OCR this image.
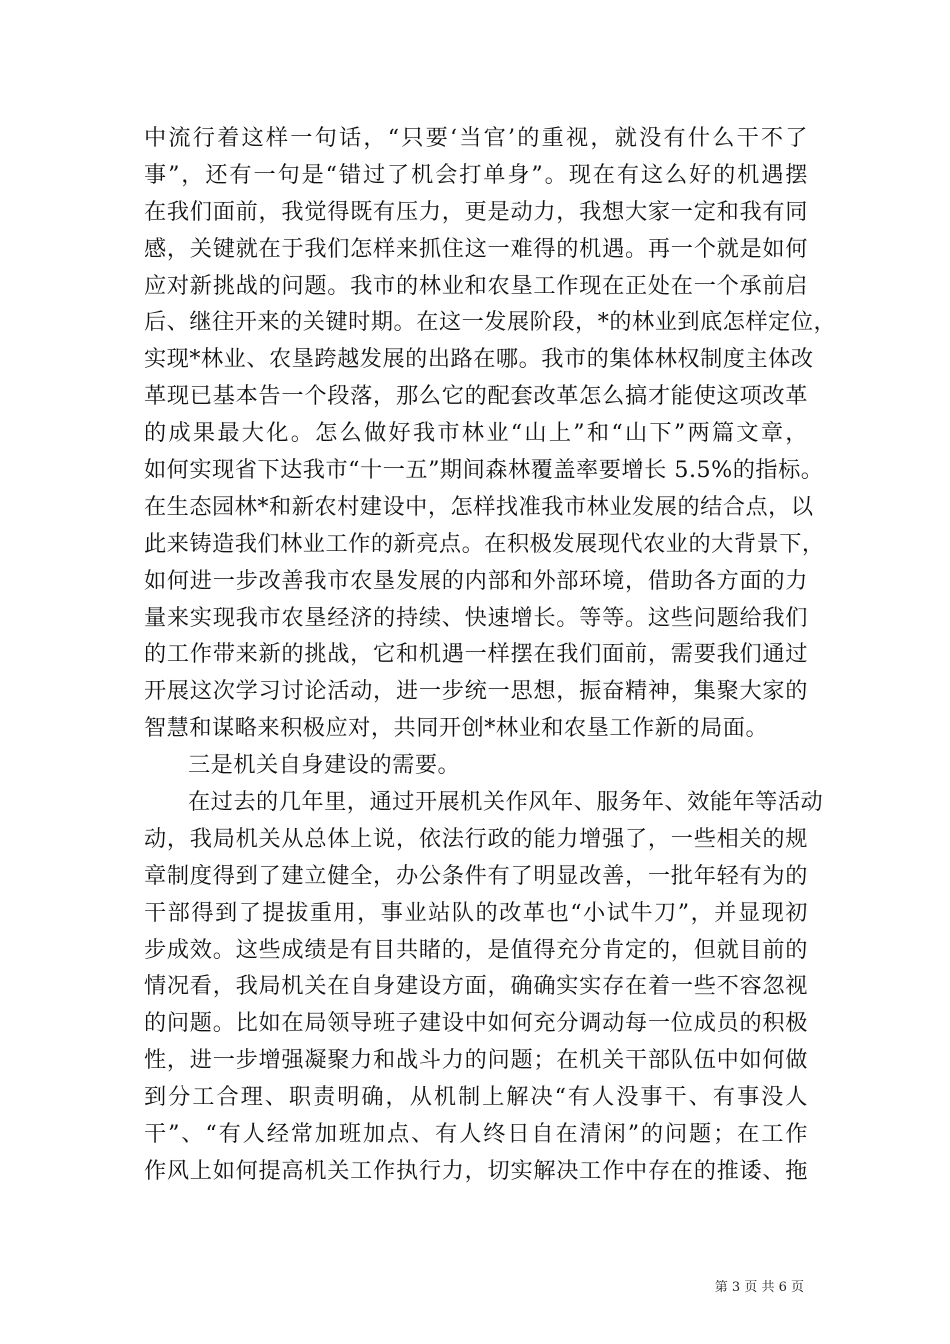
中流行着这样一句话，“只要‘当官’的重视，就没有什么干不了
事”，还有一句是“错过了机会打单身”。现在有这么好的机遇摆
在我们面前，我觉得既有压力，更是动力，我想大家一定和我有同
感，关键就在于我们怎样来抓住这一难得的机遇。再一个就是如何
应对新挑战的问题。我市的林业和农垦工作现在正处在一个承前启
后、继往开来的关键时期。在这一发展阶段，*的林业到底怎样定位，
实现*林业、农垦跨越发展的出路在哪。我市的集体林权制度主体改
革现已基本告一个段落，那么它的配套改革怎么搞才能使这项改革
的成果最大化。怎么做好我市林业“山上”和“山下”两篇文章，
如何实现省下达我市“十一五”期间森林覆盖率要增长 5.5%的指标。
在生态园林*和新农村建设中，怎样找准我市林业发展的结合点，以
此来铸造我们林业工作的新亮点。在积极发展现代农业的大背景下，
如何进一步改善我市农垦发展的内部和外部环境，借助各方面的力
量来实现我市农垦经济的持续、快速增长。等等。这些问题给我们
的工作带来新的挑战，它和机遇一样摆在我们面前，需要我们通过
开展这次学习讨论活动，进一步统一思想，振奋精神，集聚大家的
智慧和谋略来积极应对，共同开创*林业和农垦工作新的局面。
三是机关自身建设的需要。
在过去的几年里，通过开展机关作风年、服务年、效能年等活动
动，我局机关从总体上说，依法行政的能力增强了，一些相关的规
章制度得到了建立健全，办公条件有了明显改善，一批年轻有为的
干部得到了提拔重用，事业站队的改革也“小试牛刀”，并显现初
步成效。这些成绩是有目共睹的，是值得充分肯定的，但就目前的
情况看，我局机关在自身建设方面，确确实实存在着一些不容忽视
的问题。比如在局领导班子建设中如何充分调动每一位成员的积极
性，进一步增强凝聚力和战斗力的问题；在机关干部队伍中如何做
到分工合理、职责明确，从机制上解决“有人没事干、有事没人
干”、“有人经常加班加点、有人终日自在清闲”的问题；在工作
作风上如何提高机关工作执行力，切实解决工作中存在的推诿、拖
第 3 页 共 6 页
